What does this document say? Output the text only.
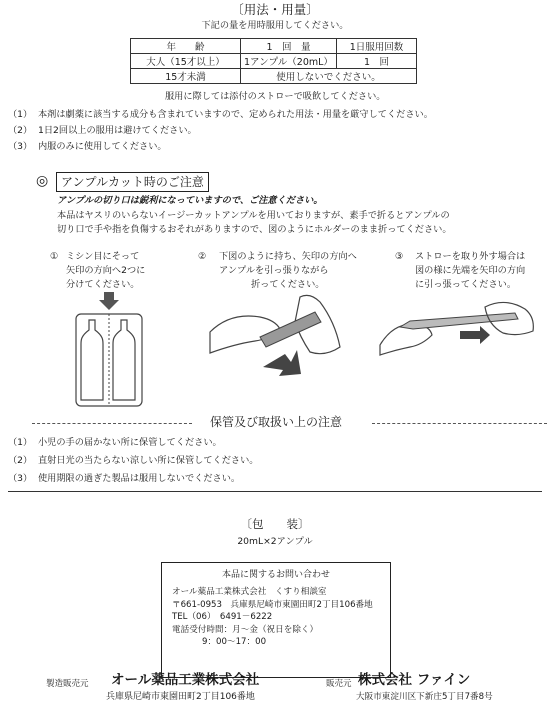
〔用法・用量〕
下記の量を用時服用してください。
年　　齢	1　回　量	1日服用回数
大人（15才以上）	1アンプル（20mL）	1　回
15才未満	使用しないでください。	
服用に際しては添付のストローで吸飲してください。
（1） 本剤は劇薬に該当する成分も含まれていますので、定められた用法・用量を厳守してください。
（2） 1日2回以上の服用は避けてください。
（3） 内服のみに使用してください。
◎	アンプルカット時のご注意
アンプルの切り口は鋭利になっていますので、ご注意ください。
本品はヤスリのいらないイージーカットアンプルを用いておりますが、素手で折るとアンプルの
切り口で手や指を負傷するおそれがありますので、図のようにホルダーのまま折ってください。
① ミシン目にそって
矢印の方向へ2つに
分けてください。
② 下図のように持ち、矢印の方向へ
アンプルを引っ張りながら
折ってください。
③ ストローを取り外す場合は
図の様に先端を矢印の方向
に引っ張ってください。
保管及び取扱い上の注意
（1） 小児の手の届かない所に保管してください。
（2） 直射日光の当たらない涼しい所に保管してください。
（3） 使用期限の過ぎた製品は服用しないでください。
〔包　　装〕
20mL×2アンプル
本品に関するお問い合わせ
オール薬品工業株式会社　くすり相談室
〒661-0953　兵庫県尼崎市東園田町2丁目106番地
TEL（06）　6491－6222
電話受付時間：月～金（祝日を除く）
9：00～17：00
製造販売元 オール薬品工業株式会社
兵庫県尼崎市東園田町2丁目106番地
販売元 株式会社 ファイン
大阪市東淀川区下新庄5丁目7番8号
